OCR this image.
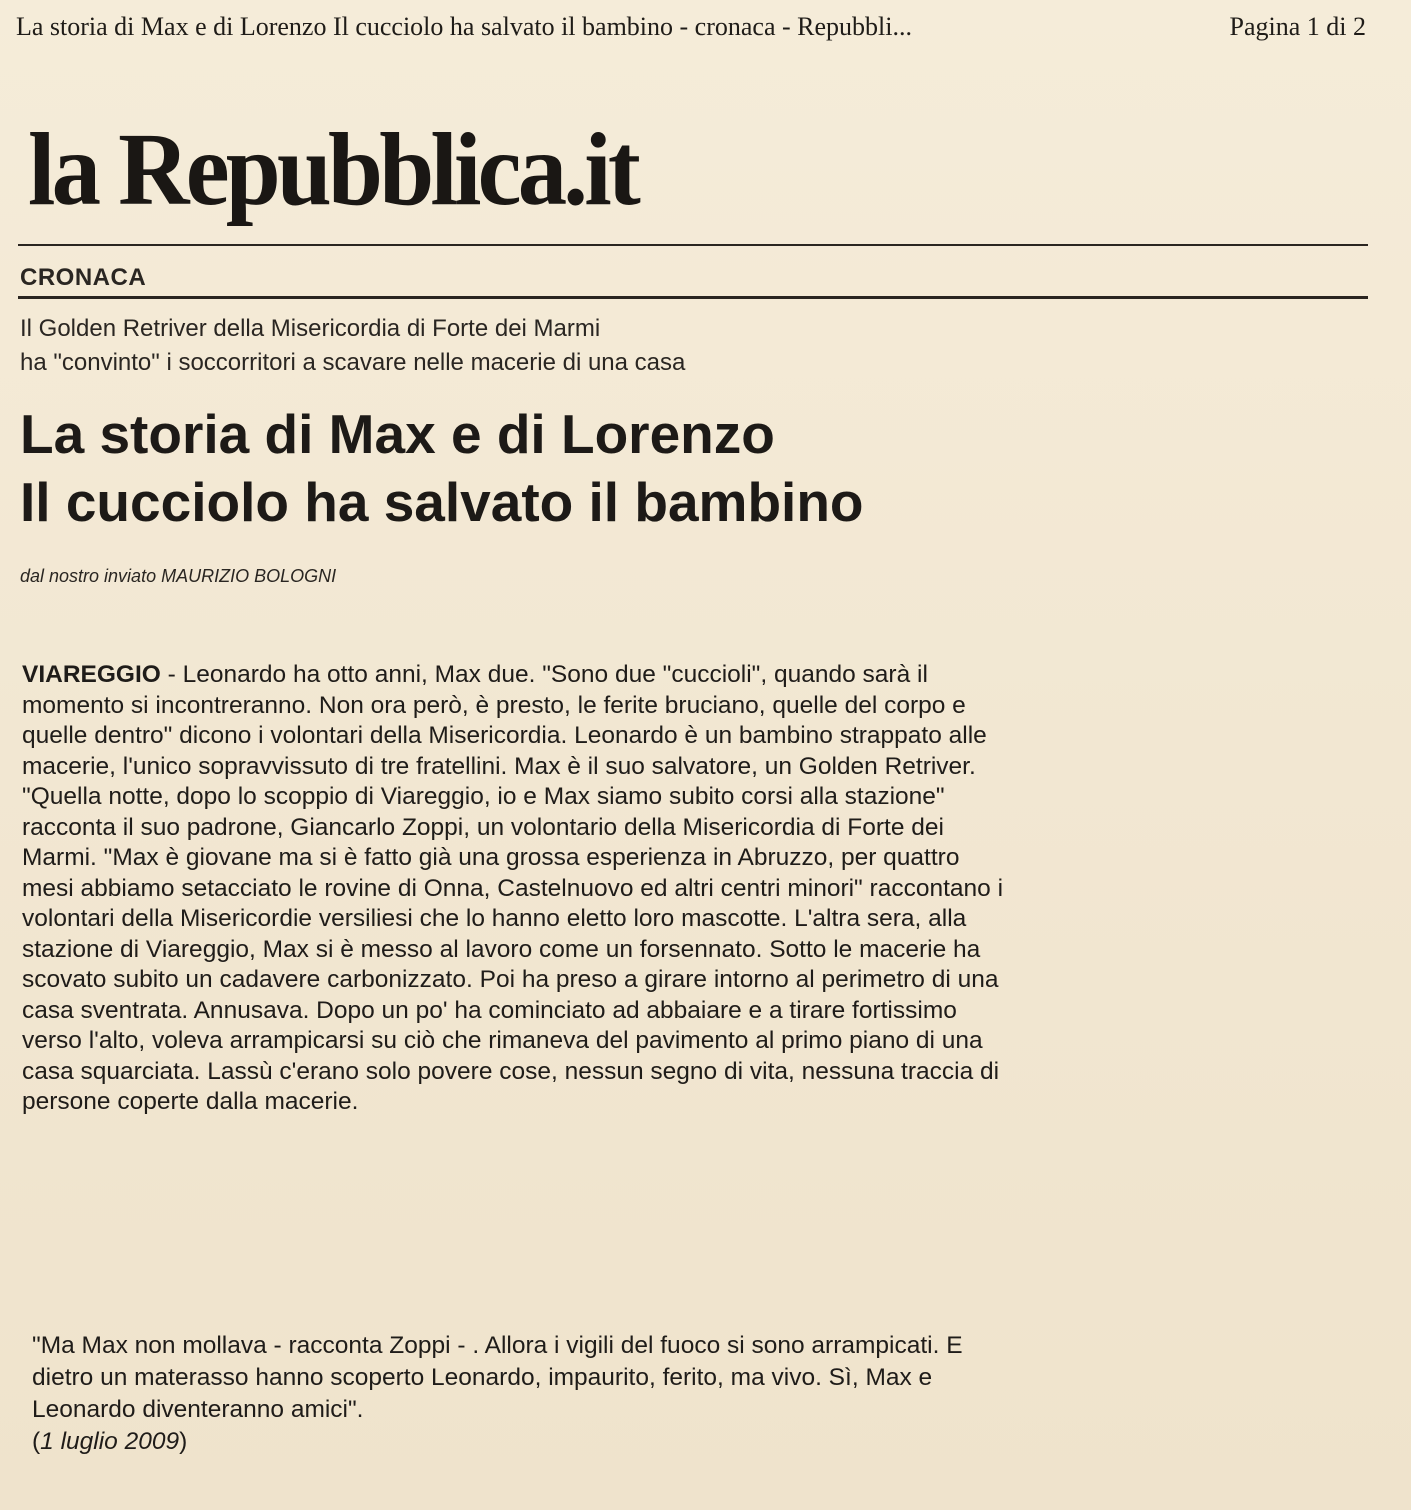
La storia di Max e di Lorenzo Il cucciolo ha salvato il bambino - cronaca - Repubbli...	Pagina 1 di 2
la Repubblica.it
CRONACA
Il Golden Retriver della Misericordia di Forte dei Marmi
ha "convinto" i soccorritori a scavare nelle macerie di una casa
La storia di Max e di Lorenzo
Il cucciolo ha salvato il bambino
dal nostro inviato MAURIZIO BOLOGNI
VIAREGGIO - Leonardo ha otto anni, Max due. "Sono due "cuccioli", quando sarà il
momento si incontreranno. Non ora però, è presto, le ferite bruciano, quelle del corpo e
quelle dentro" dicono i volontari della Misericordia. Leonardo è un bambino strappato alle
macerie, l'unico sopravvissuto di tre fratellini. Max è il suo salvatore, un Golden Retriver.
"Quella notte, dopo lo scoppio di Viareggio, io e Max siamo subito corsi alla stazione"
racconta il suo padrone, Giancarlo Zoppi, un volontario della Misericordia di Forte dei
Marmi. "Max è giovane ma si è fatto già una grossa esperienza in Abruzzo, per quattro
mesi abbiamo setacciato le rovine di Onna, Castelnuovo ed altri centri minori" raccontano i
volontari della Misericordie versiliesi che lo hanno eletto loro mascotte. L'altra sera, alla
stazione di Viareggio, Max si è messo al lavoro come un forsennato. Sotto le macerie ha
scovato subito un cadavere carbonizzato. Poi ha preso a girare intorno al perimetro di una
casa sventrata. Annusava. Dopo un po' ha cominciato ad abbaiare e a tirare fortissimo
verso l'alto, voleva arrampicarsi su ciò che rimaneva del pavimento al primo piano di una
casa squarciata. Lassù c'erano solo povere cose, nessun segno di vita, nessuna traccia di
persone coperte dalla macerie.
"Ma Max non mollava - racconta Zoppi - . Allora i vigili del fuoco si sono arrampicati. E
dietro un materasso hanno scoperto Leonardo, impaurito, ferito, ma vivo. Sì, Max e
Leonardo diventeranno amici".
(1 luglio 2009)
